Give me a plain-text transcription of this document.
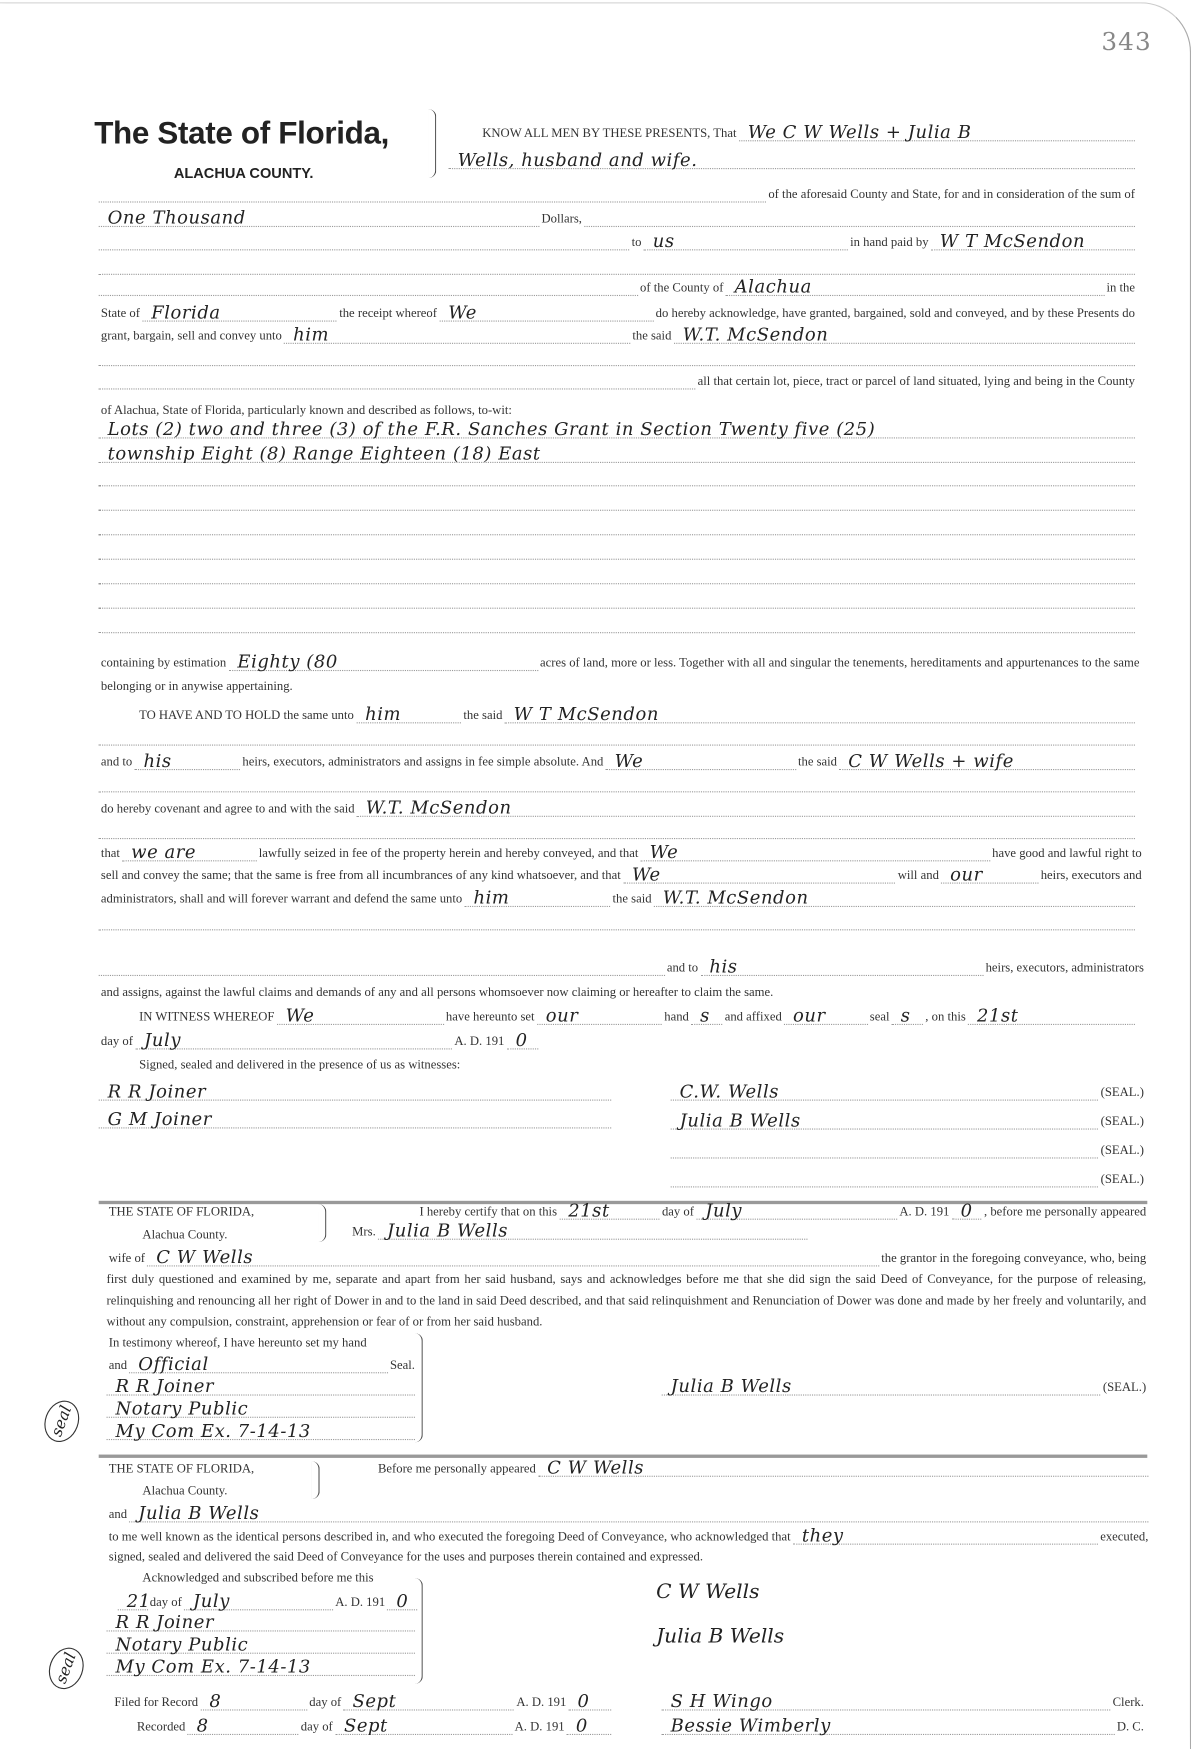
343
The State of Florida,
ALACHUA COUNTY.
first duly questioned and examined by me, separate and apart from her said husband, says and acknowledges before me that she did sign the said Deed of Conveyance, for the purpose of releasing, relinquishing and renouncing all her right of Dower in and to the land in said Deed described, and that said relinquishment and Renunciation of Dower was done and made by her freely and voluntarily, and without any compulsion, constraint, apprehension or fear of or from her said husband.
seal
seal
C W Wells
Julia B Wells
KNOW ALL MEN BY THESE PRESENTS, That We C W Wells + Julia B
Wells, husband and wife.
of the aforesaid County and State, for and in consideration of the sum of
One Thousand	Dollars,
to us	in hand paid by W T McSendon
of the County of Alachua	in the
State of Florida	the receipt whereof We	do hereby acknowledge, have granted, bargained, sold and conveyed, and by these Presents do
grant, bargain, sell and convey unto him	the said W.T. McSendon
all that certain lot, piece, tract or parcel of land situated, lying and being in the County
of Alachua, State of Florida, particularly known and described as follows, to-wit:
Lots (2) two and three (3) of the F.R. Sanches Grant in Section Twenty five (25)
township Eight (8) Range Eighteen (18) East
containing by estimation Eighty (80	acres of land, more or less. Together with all and singular the tenements, hereditaments and appurtenances to the same
belonging or in anywise appertaining.
TO HAVE AND TO HOLD the same unto him	the said W T McSendon
and to his	heirs, executors, administrators and assigns in fee simple absolute. And We	the said C W Wells + wife
do hereby covenant and agree to and with the said W.T. McSendon
that we are	lawfully seized in fee of the property herein and hereby conveyed, and that We	have good and lawful right to
sell and convey the same; that the same is free from all incumbrances of any kind whatsoever, and that We	will and our	heirs, executors and
administrators, shall and will forever warrant and defend the same unto him	the said W.T. McSendon
and to his	heirs, executors, administrators
and assigns, against the lawful claims and demands of any and all persons whomsoever now claiming or hereafter to claim the same.
IN WITNESS WHEREOF We	have hereunto set our	hand s and affixed our	seal s , on this 21st
day of July	A. D. 191 0
Signed, sealed and delivered in the presence of us as witnesses:
R R Joiner
G M Joiner
C.W. Wells	(SEAL.)
Julia B Wells	(SEAL.)
(SEAL.)
(SEAL.)
THE STATE OF FLORIDA,
Alachua County.
I hereby certify that on this 21st	day of July	A. D. 191 0 , before me personally appeared
Mrs. Julia B Wells
wife of C W Wells	the grantor in the foregoing conveyance, who, being
In testimony whereof, I have hereunto set my hand
and Official	Seal.
R R Joiner
Notary Public
My Com Ex. 7-14-13
Julia B Wells	(SEAL.)
THE STATE OF FLORIDA,
Alachua County.
Before me personally appeared C W Wells
and Julia B Wells
to me well known as the identical persons described in, and who executed the foregoing Deed of Conveyance, who acknowledged that they	executed,
signed, sealed and delivered the said Deed of Conveyance for the uses and purposes therein contained and expressed.
Acknowledged and subscribed before me this
21 day of July	A. D. 191 0
R R Joiner
Notary Public
My Com Ex. 7-14-13
Filed for Record 8	day of Sept	A. D. 191 0
Recorded 8	day of Sept	A. D. 191 0
S H Wingo	Clerk.
Bessie Wimberly	D. C.
